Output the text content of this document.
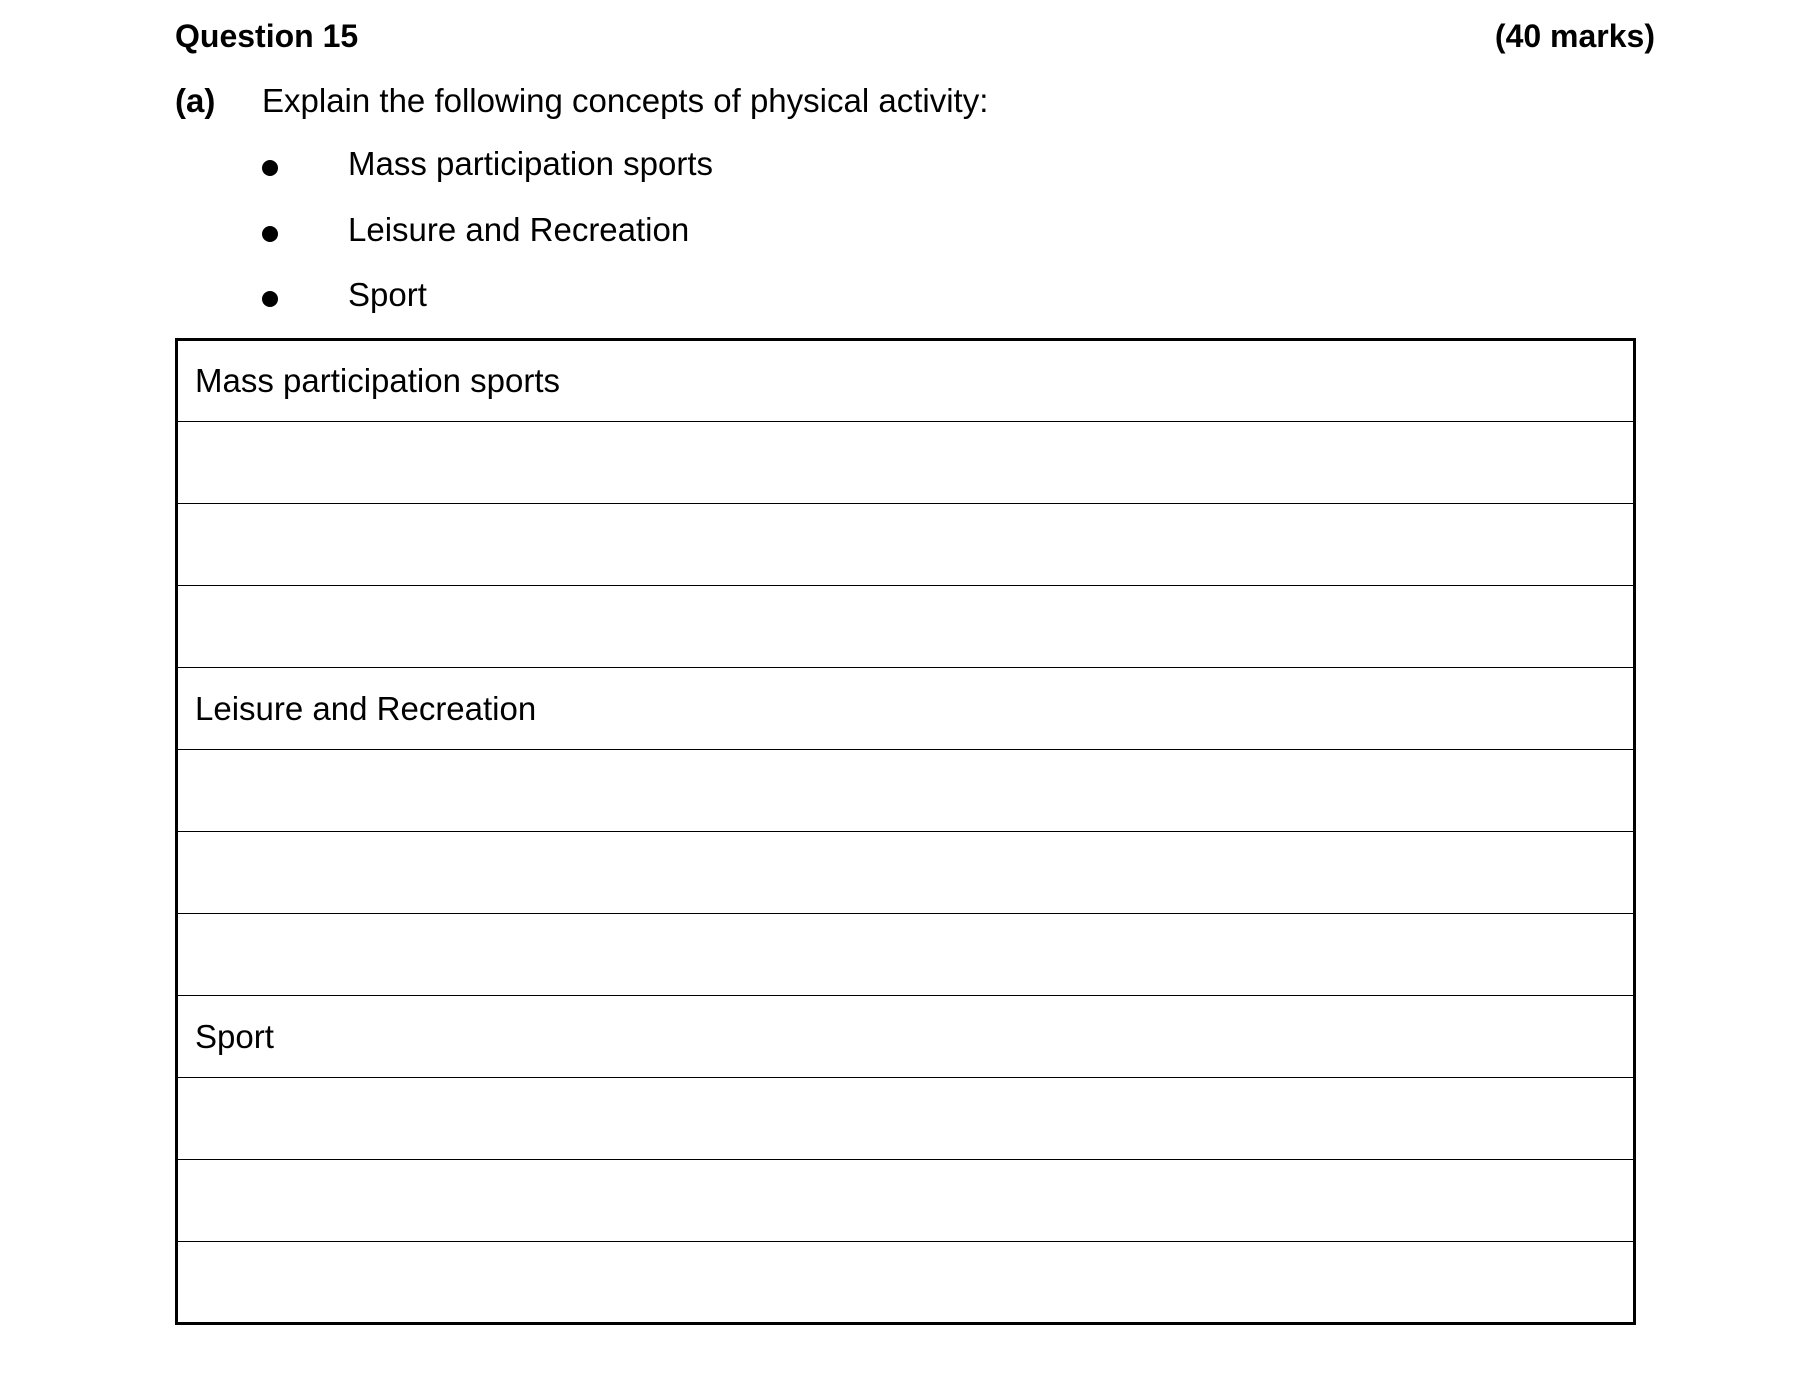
Question 15	(40 marks)
(a) Explain the following concepts of physical activity:
Mass participation sports
Leisure and Recreation
Sport
Mass participation sports

Leisure and Recreation

Sport
